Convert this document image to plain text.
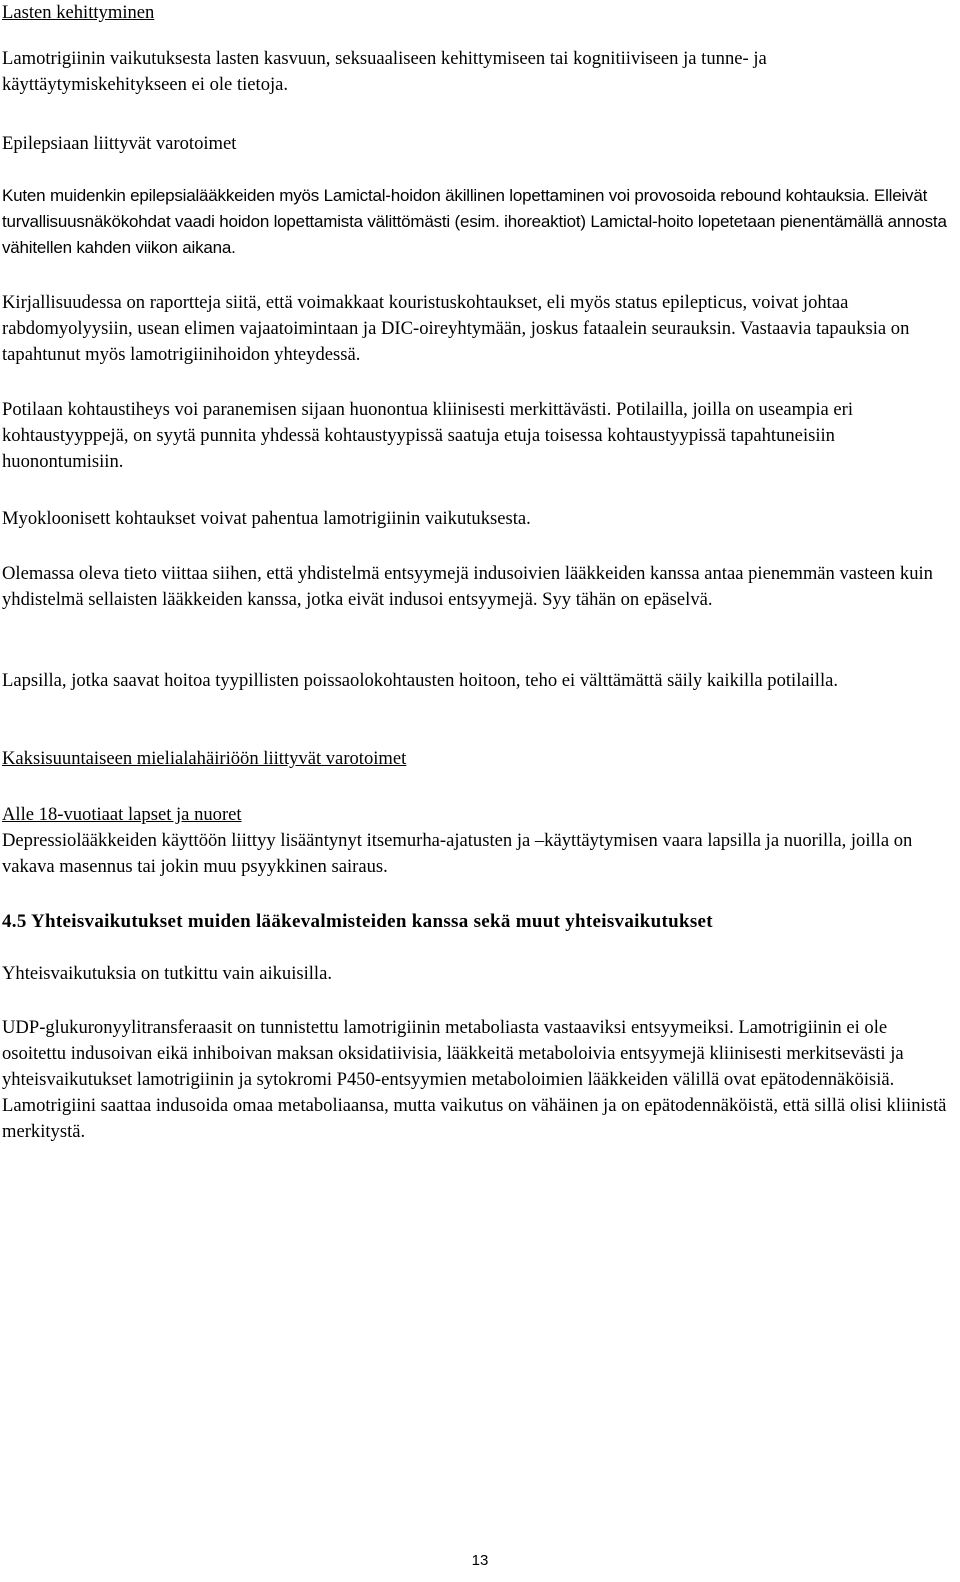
Lasten kehittyminen

Lamotrigiinin vaikutuksesta lasten kasvuun, seksuaaliseen kehittymiseen tai kognitiiviseen ja tunne- ja käyttäytymiskehitykseen ei ole tietoja.

Epilepsiaan liittyvät varotoimet

Kuten muidenkin epilepsialääkkeiden myös Lamictal-hoidon äkillinen lopettaminen voi provosoida rebound kohtauksia. Elleivät turvallisuusnäkökohdat vaadi hoidon lopettamista välittömästi (esim. ihoreaktiot) Lamictal-hoito lopetetaan pienentämällä annosta vähitellen kahden viikon aikana.

Kirjallisuudessa on raportteja siitä, että voimakkaat kouristuskohtaukset, eli myös status epilepticus, voivat johtaa rabdomyolyysiin, usean elimen vajaatoimintaan ja DIC-oireyhtymään, joskus fataalein seurauksin. Vastaavia tapauksia on tapahtunut myös lamotrigiinihoidon yhteydessä.

Potilaan kohtaustiheys voi paranemisen sijaan huonontua kliinisesti merkittävästi. Potilailla, joilla on useampia eri kohtaustyyppejä, on syytä punnita yhdessä kohtaustyypissä saatuja etuja toisessa kohtaustyypissä tapahtuneisiin huonontumisiin.

Myokloonisett kohtaukset voivat pahentua lamotrigiinin vaikutuksesta.

Olemassa oleva tieto viittaa siihen, että yhdistelmä entsyymejä indusoivien lääkkeiden kanssa antaa pienemmän vasteen kuin yhdistelmä sellaisten lääkkeiden kanssa, jotka eivät indusoi entsyymejä. Syy tähän on epäselvä.

Lapsilla, jotka saavat hoitoa tyypillisten poissaolokohtausten hoitoon, teho ei välttämättä säily kaikilla potilailla.

Kaksisuuntaiseen mielialahäiriöön liittyvät varotoimet

Alle 18-vuotiaat lapset ja nuoret

Depressiolääkkeiden käyttöön liittyy lisääntynyt itsemurha-ajatusten ja –käyttäytymisen vaara lapsilla ja nuorilla, joilla on vakava masennus tai jokin muu psyykkinen sairaus.

4.5 Yhteisvaikutukset muiden lääkevalmisteiden kanssa sekä muut yhteisvaikutukset

Yhteisvaikutuksia on tutkittu vain aikuisilla.

UDP-glukuronyylitransferaasit on tunnistettu lamotrigiinin metaboliasta vastaaviksi entsyymeiksi. Lamotrigiinin ei ole osoitettu indusoivan eikä inhiboivan maksan oksidatiivisia, lääkkeitä metaboloivia entsyymejä kliinisesti merkitsevästi ja yhteisvaikutukset lamotrigiinin ja sytokromi P450-entsyymien metaboloimien lääkkeiden välillä ovat epätodennäköisiä. Lamotrigiini saattaa indusoida omaa metaboliaansa, mutta vaikutus on vähäinen ja on epätodennäköistä, että sillä olisi kliinistä merkitystä.

13
